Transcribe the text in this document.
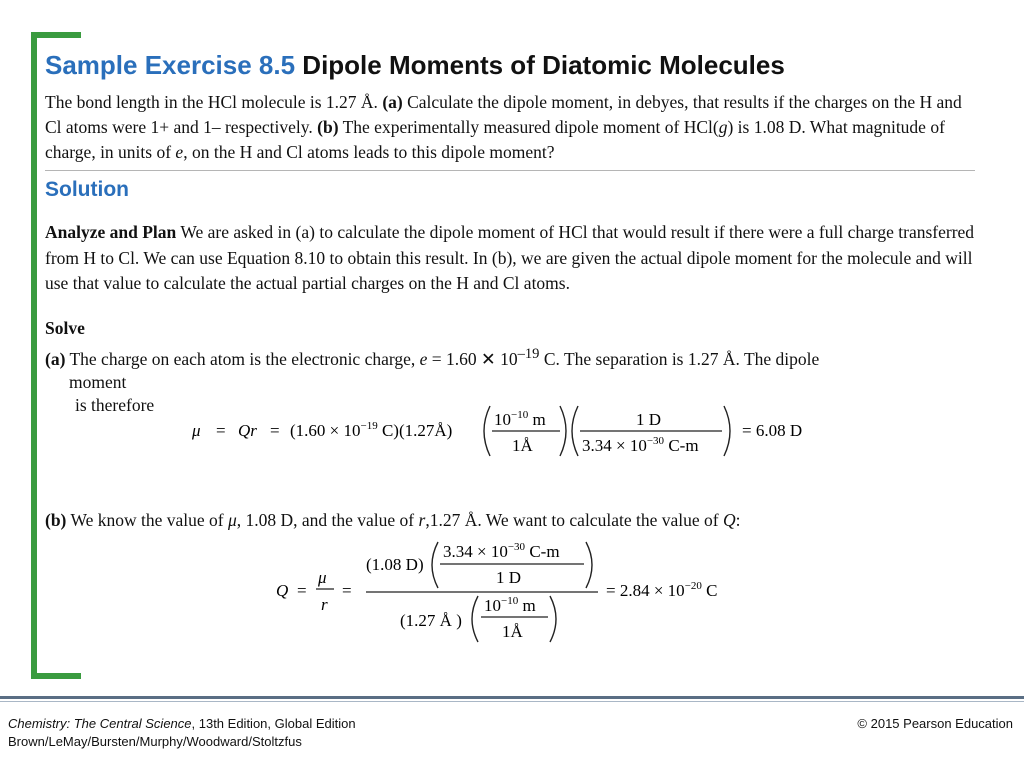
Sample Exercise 8.5 Dipole Moments of Diatomic Molecules
The bond length in the HCl molecule is 1.27 Å. (a) Calculate the dipole moment, in debyes, that results if the charges on the H and Cl atoms were 1+ and 1– respectively. (b) The experimentally measured dipole moment of HCl(g) is 1.08 D. What magnitude of charge, in units of e, on the H and Cl atoms leads to this dipole moment?
Solution
Analyze and Plan We are asked in (a) to calculate the dipole moment of HCl that would result if there were a full charge transferred from H to Cl. We can use Equation 8.10 to obtain this result. In (b), we are given the actual dipole moment for the molecule and will use that value to calculate the actual partial charges on the H and Cl atoms.
Solve
(a) The charge on each atom is the electronic charge, e = 1.60 ✕ $10^{-19}$ C. The separation is 1.27 Å. The dipole
moment
is therefore
(b) We know the value of μ, 1.08 D, and the value of r,1.27 Å. We want to calculate the value of Q:
$\mu = Qr = (1.60 \times 10^{-19}$ C)(1.27Å)
$10^{-10}$ m
1Å
1 D
$3.34 \times 10^{-30}$ C-m
= 6.08 D
Q =
μ
r
=
(1.08 D)
$3.34 \times 10^{-30}$ C-m
1 D
(1.27 Å )
$10^{-10}$ m
1Å
= $2.84 \times 10^{-20}$ C
Chemistry: The Central Science, 13th Edition, Global Edition
Brown/LeMay/Bursten/Murphy/Woodward/Stoltzfus
© 2015 Pearson Education
